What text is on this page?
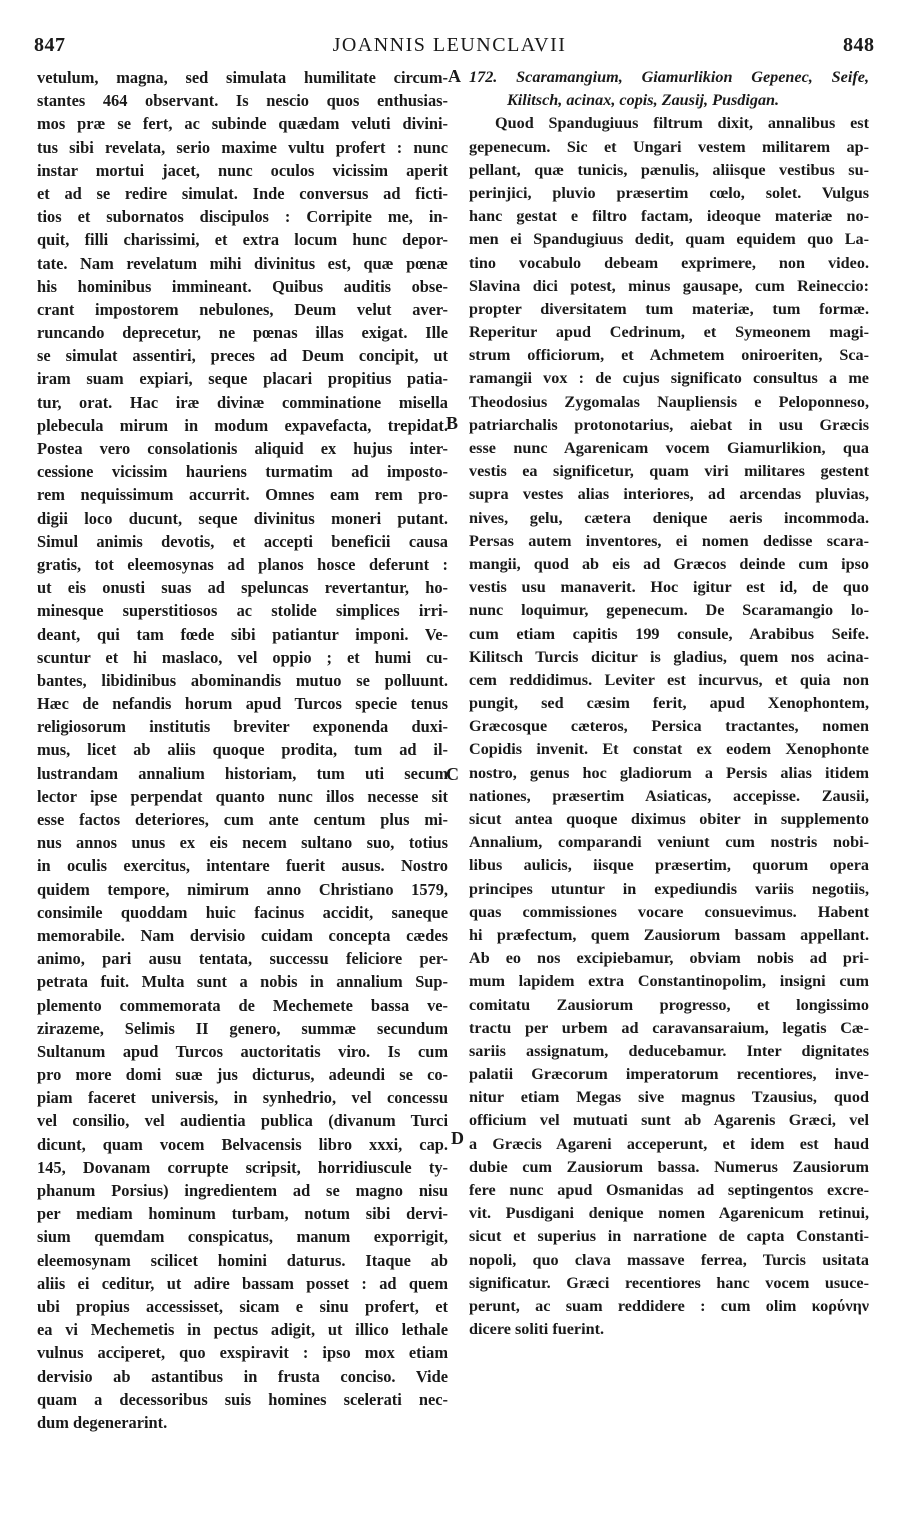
847	JOANNIS LEUNCLAVII	848
A
B
C
D
vetulum, magna, sed simulata humilitate circum-
stantes 464 observant. Is nescio quos enthusias-
mos præ se fert, ac subinde quædam veluti divini-
tus sibi revelata, serio maxime vultu profert : nunc
instar mortui jacet, nunc oculos vicissim aperit
et ad se redire simulat. Inde conversus ad ficti-
tios et subornatos discipulos : Corripite me, in-
quit, filli charissimi, et extra locum hunc depor-
tate. Nam revelatum mihi divinitus est, quæ pœnæ
his hominibus immineant. Quibus auditis obse-
crant impostorem nebulones, Deum velut aver-
runcando deprecetur, ne pœnas illas exigat. Ille
se simulat assentiri, preces ad Deum concipit, ut
iram suam expiari, seque placari propitius patia-
tur, orat. Hac iræ divinæ comminatione misella
plebecula mirum in modum expavefacta, trepidat.
Postea vero consolationis aliquid ex hujus inter-
cessione vicissim hauriens turmatim ad imposto-
rem nequissimum accurrit. Omnes eam rem pro-
digii loco ducunt, seque divinitus moneri putant.
Simul animis devotis, et accepti beneficii causa
gratis, tot eleemosynas ad planos hosce deferunt :
ut eis onusti suas ad speluncas revertantur, ho-
minesque superstitiosos ac stolide simplices irri-
deant, qui tam fœde sibi patiantur imponi. Ve-
scuntur et hi maslaco, vel oppio ; et humi cu-
bantes, libidinibus abominandis mutuo se polluunt.
Hæc de nefandis horum apud Turcos specie tenus
religiosorum institutis breviter exponenda duxi-
mus, licet ab aliis quoque prodita, tum ad il-
lustrandam annalium historiam, tum uti secum
lector ipse perpendat quanto nunc illos necesse sit
esse factos deteriores, cum ante centum plus mi-
nus annos unus ex eis necem sultano suo, totius
in oculis exercitus, intentare fuerit ausus. Nostro
quidem tempore, nimirum anno Christiano 1579,
consimile quoddam huic facinus accidit, saneque
memorabile. Nam dervisio cuidam concepta cædes
animo, pari ausu tentata, successu feliciore per-
petrata fuit. Multa sunt a nobis in annalium Sup-
plemento commemorata de Mechemete bassa ve-
zirazeme, Selimis II genero, summæ secundum
Sultanum apud Turcos auctoritatis viro. Is cum
pro more domi suæ jus dicturus, adeundi se co-
piam faceret universis, in synhedrio, vel concessu
vel consilio, vel audientia publica (divanum Turci
dicunt, quam vocem Belvacensis libro xxxi, cap.
145, Dovanam corrupte scripsit, horridiuscule ty-
phanum Porsius) ingredientem ad se magno nisu
per mediam hominum turbam, notum sibi dervi-
sium quemdam conspicatus, manum exporrigit,
eleemosynam scilicet homini daturus. Itaque ab
aliis ei ceditur, ut adire bassam posset : ad quem
ubi propius accessisset, sicam e sinu profert, et
ea vi Mechemetis in pectus adigit, ut illico lethale
vulnus acciperet, quo exspiravit : ipso mox etiam
dervisio ab astantibus in frusta conciso. Vide
quam a decessoribus suis homines scelerati nec-
dum degenerarint.
172. Scaramangium, Giamurlikion Gepenec, Seife,
Kilitsch, acinax, copis, Zausij, Pusdigan.
Quod Spandugiuus filtrum dixit, annalibus est
gepenecum. Sic et Ungari vestem militarem ap-
pellant, quæ tunicis, pænulis, aliisque vestibus su-
perinjici, pluvio præsertim cœlo, solet. Vulgus
hanc gestat e filtro factam, ideoque materiæ no-
men ei Spandugiuus dedit, quam equidem quo La-
tino vocabulo debeam exprimere, non video.
Slavina dici potest, minus gausape, cum Reineccio:
propter diversitatem tum materiæ, tum formæ.
Reperitur apud Cedrinum, et Symeonem magi-
strum officiorum, et Achmetem oniroeriten, Sca-
ramangii vox : de cujus significato consultus a me
Theodosius Zygomalas Naupliensis e Peloponneso,
patriarchalis protonotarius, aiebat in usu Græcis
esse nunc Agarenicam vocem Giamurlikion, qua
vestis ea significetur, quam viri militares gestent
supra vestes alias interiores, ad arcendas pluvias,
nives, gelu, cætera denique aeris incommoda.
Persas autem inventores, ei nomen dedisse scara-
mangii, quod ab eis ad Græcos deinde cum ipso
vestis usu manaverit. Hoc igitur est id, de quo
nunc loquimur, gepenecum. De Scaramangio lo-
cum etiam capitis 199 consule, Arabibus Seife.
Kilitsch Turcis dicitur is gladius, quem nos acina-
cem reddidimus. Leviter est incurvus, et quia non
pungit, sed cæsim ferit, apud Xenophontem,
Græcosque cæteros, Persica tractantes, nomen
Copidis invenit. Et constat ex eodem Xenophonte
nostro, genus hoc gladiorum a Persis alias itidem
nationes, præsertim Asiaticas, accepisse. Zausii,
sicut antea quoque diximus obiter in supplemento
Annalium, comparandi veniunt cum nostris nobi-
libus aulicis, iisque præsertim, quorum opera
principes utuntur in expediundis variis negotiis,
quas commissiones vocare consuevimus. Habent
hi præfectum, quem Zausiorum bassam appellant.
Ab eo nos excipiebamur, obviam nobis ad pri-
mum lapidem extra Constantinopolim, insigni cum
comitatu Zausiorum progresso, et longissimo
tractu per urbem ad caravansaraium, legatis Cæ-
sariis assignatum, deducebamur. Inter dignitates
palatii Græcorum imperatorum recentiores, inve-
nitur etiam Megas sive magnus Tzausius, quod
officium vel mutuati sunt ab Agarenis Græci, vel
a Græcis Agareni acceperunt, et idem est haud
dubie cum Zausiorum bassa. Numerus Zausiorum
fere nunc apud Osmanidas ad septingentos excre-
vit. Pusdigani denique nomen Agarenicum retinui,
sicut et superius in narratione de capta Constanti-
nopoli, quo clava massave ferrea, Turcis usitata
significatur. Græci recentiores hanc vocem usuce-
perunt, ac suam reddidere : cum olim κορύνην
dicere soliti fuerint.
